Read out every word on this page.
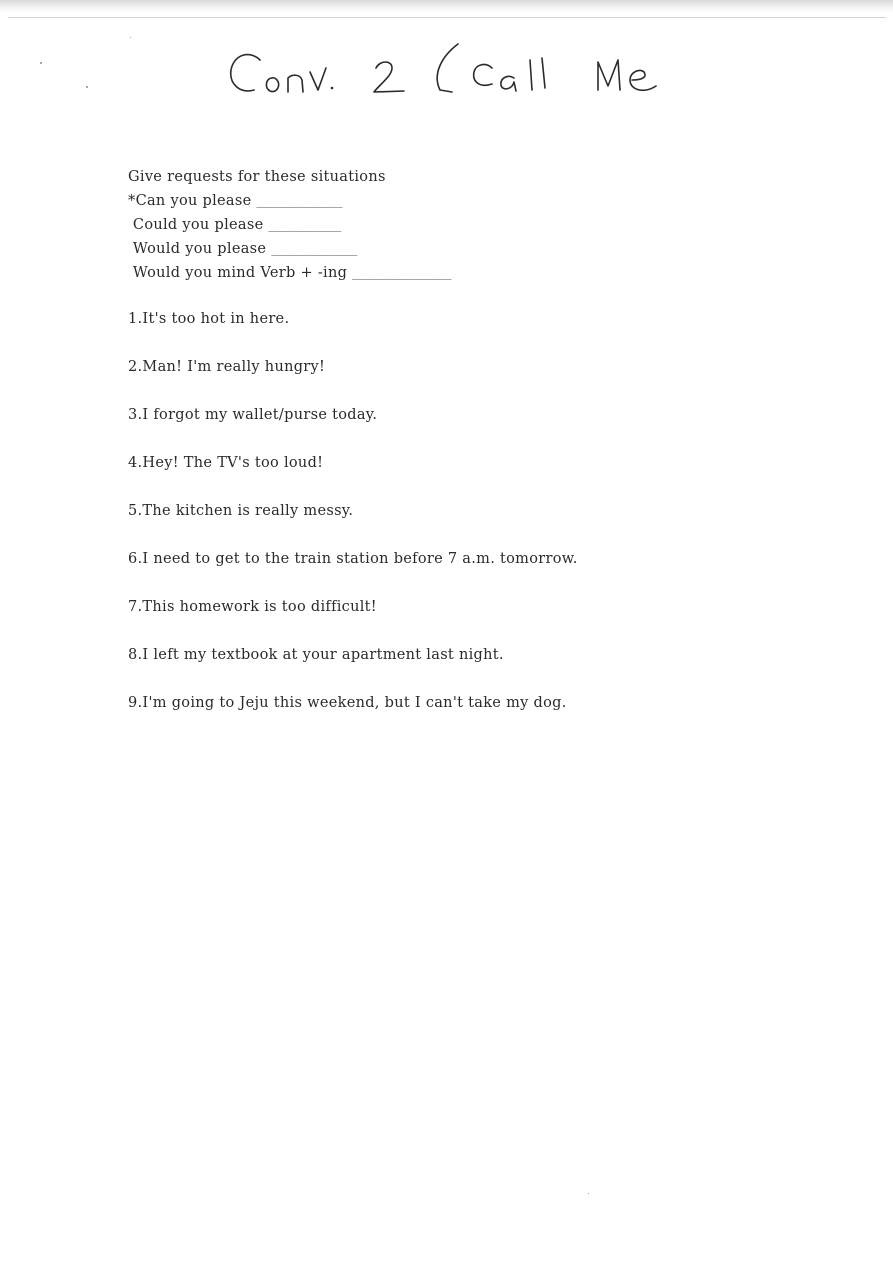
Give requests for these situations
*Can you please _____________
Could you please ___________
Would you please _____________
Would you mind Verb + -ing _______________
1.It's too hot in here.
2.Man! I'm really hungry!
3.I forgot my wallet/purse today.
4.Hey! The TV's too loud!
5.The kitchen is really messy.
6.I need to get to the train station before 7 a.m. tomorrow.
7.This homework is too difficult!
8.I left my textbook at your apartment last night.
9.I'm going to Jeju this weekend, but I can't take my dog.
